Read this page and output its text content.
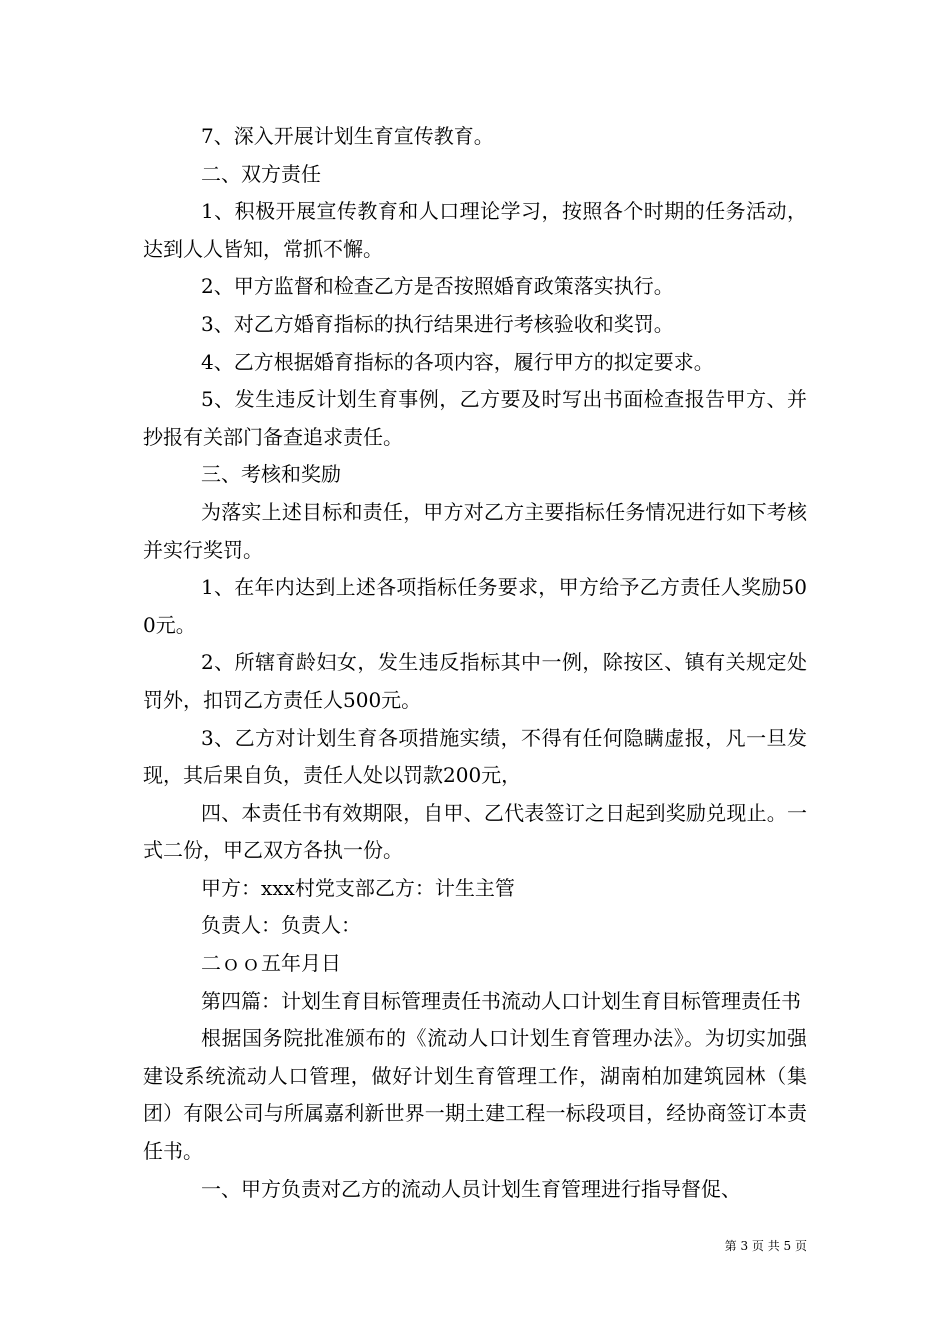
7、深入开展计划生育宣传教育。

二、双方责任

1、积极开展宣传教育和人口理论学习，按照各个时期的任务活动，达到人人皆知，常抓不懈。

2、甲方监督和检查乙方是否按照婚育政策落实执行。

3、对乙方婚育指标的执行结果进行考核验收和奖罚。

4、乙方根据婚育指标的各项内容，履行甲方的拟定要求。

5、发生违反计划生育事例，乙方要及时写出书面检查报告甲方、并抄报有关部门备查追求责任。

三、考核和奖励

为落实上述目标和责任，甲方对乙方主要指标任务情况进行如下考核并实行奖罚。

1、在年内达到上述各项指标任务要求，甲方给予乙方责任人奖励500元。

2、所辖育龄妇女，发生违反指标其中一例，除按区、镇有关规定处罚外，扣罚乙方责任人500元。

3、乙方对计划生育各项措施实绩，不得有任何隐瞒虚报，凡一旦发现，其后果自负，责任人处以罚款200元，

四、本责任书有效期限，自甲、乙代表签订之日起到奖励兑现止。一式二份，甲乙双方各执一份。

甲方：xxx村党支部乙方：计生主管

负责人：负责人：

二ｏｏ五年月日

第四篇：计划生育目标管理责任书流动人口计划生育目标管理责任书

根据国务院批准颁布的《流动人口计划生育管理办法》。为切实加强建设系统流动人口管理，做好计划生育管理工作，湖南柏加建筑园林（集团）有限公司与所属嘉利新世界一期土建工程一标段项目，经协商签订本责任书。

一、甲方负责对乙方的流动人员计划生育管理进行指导督促、

第 3 页 共 5 页
